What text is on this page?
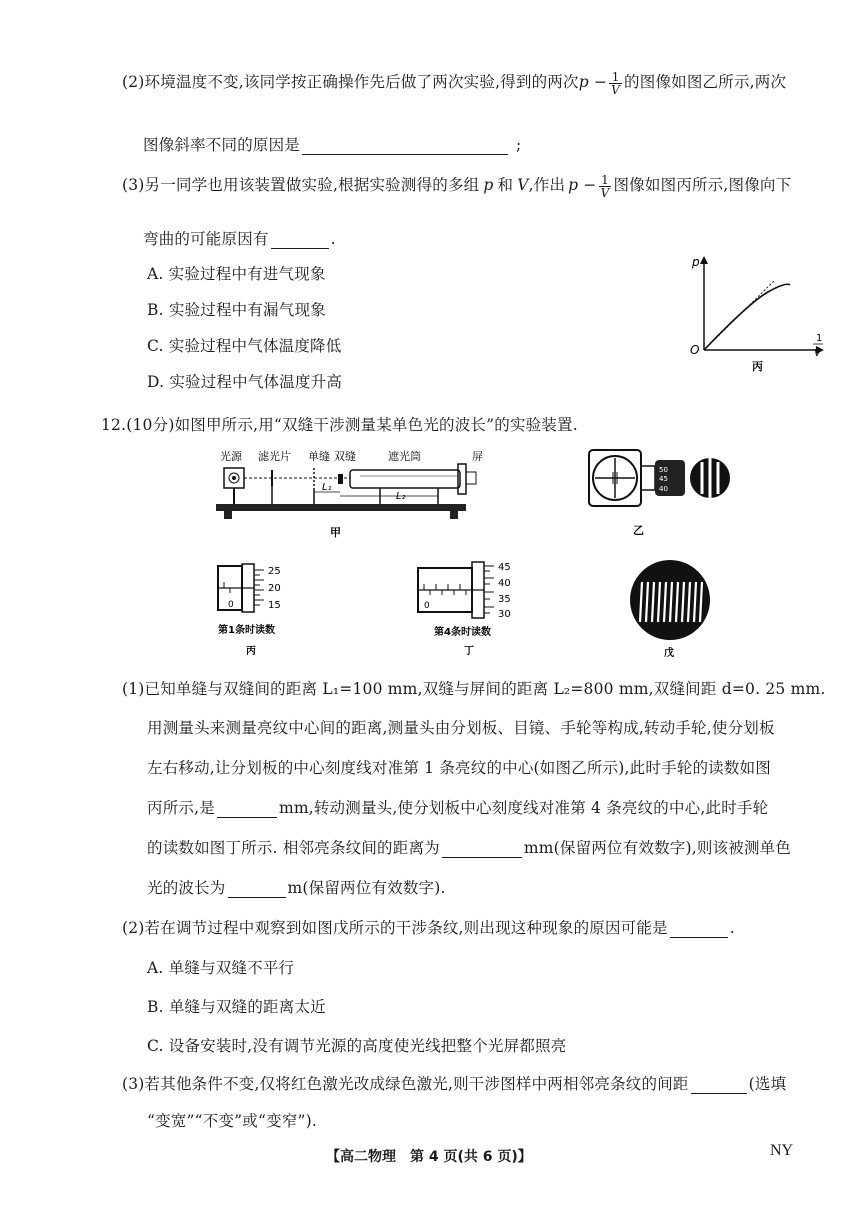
(2)环境温度不变,该同学按正确操作先后做了两次实验,得到的两次$p - \frac{1}{V}$ 的图像如图乙所示,两次
图像斜率不同的原因是	;
(3)另一同学也用该装置做实验,根据实验测得的多组 p 和 V,作出 $p - \frac{1}{V}$ 图像如图丙所示,图像向下
弯曲的可能原因有	.
A. 实验过程中有进气现象
B. 实验过程中有漏气现象
C. 实验过程中气体温度降低
D. 实验过程中气体温度升高
p
O
1
V
丙
12.(10分)如图甲所示,用“双缝干涉测量某单色光的波长”的实验装置.
光源 滤光片 单缝 双缝	遮光筒	屏
L₁
L₂
甲
50
45
40
乙
0
25
20
15
第1条时读数
丙
0
45
40
35
30
第4条时读数
丁	戊
(1)已知单缝与双缝间的距离 L₁=100 mm,双缝与屏间的距离 L₂=800 mm,双缝间距 d=0. 25 mm.
用测量头来测量亮纹中心间的距离,测量头由分划板、目镜、手轮等构成,转动手轮,使分划板
左右移动,让分划板的中心刻度线对准第 1 条亮纹的中心(如图乙所示),此时手轮的读数如图
丙所示,是	mm,转动测量头,使分划板中心刻度线对准第 4 条亮纹的中心,此时手轮
的读数如图丁所示. 相邻亮条纹间的距离为	mm(保留两位有效数字),则该被测单色
光的波长为	m(保留两位有效数字).
(2)若在调节过程中观察到如图戊所示的干涉条纹,则出现这种现象的原因可能是	.
A. 单缝与双缝不平行
B. 单缝与双缝的距离太近
C. 设备安装时,没有调节光源的高度使光线把整个光屏都照亮
(3)若其他条件不变,仅将红色激光改成绿色激光,则干涉图样中两相邻亮条纹的间距	(选填
“变宽”“不变”或“变窄”).
【高二物理　第 4 页(共 6 页)】	NY
